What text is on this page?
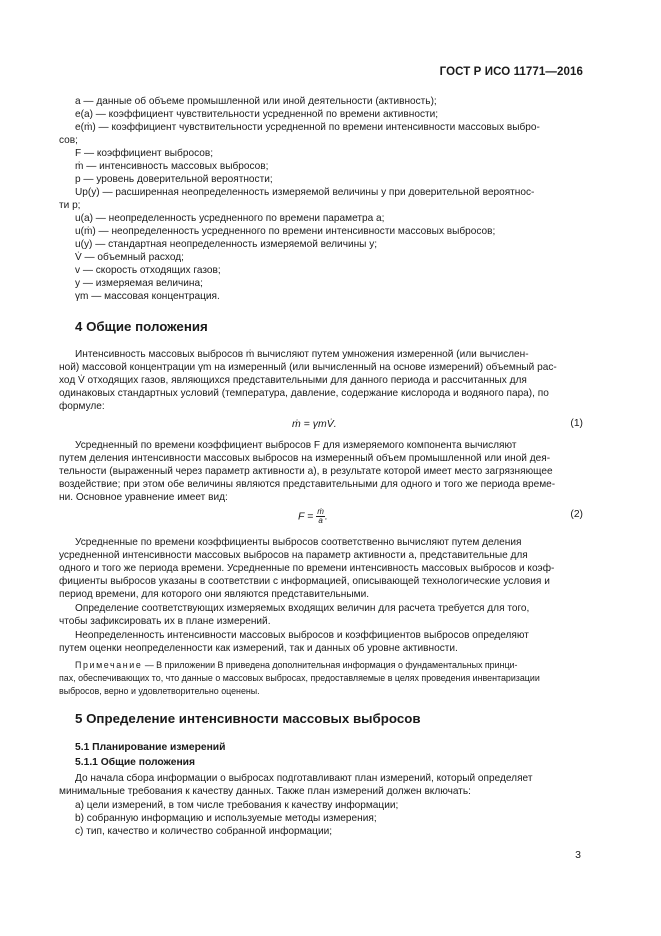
ГОСТ Р ИСО 11771—2016
a — данные об объеме промышленной или иной деятельности (активность);
e(a) — коэффициент чувствительности усредненной по времени активности;
e(ṁ) — коэффициент чувствительности усредненной по времени интенсивности массовых выбро-
сов;
F — коэффициент выбросов;
ṁ — интенсивность массовых выбросов;
p — уровень доверительной вероятности;
Up(y) — расширенная неопределенность измеряемой величины y при доверительной вероятнос-
ти p;
u(a) — неопределенность усредненного по времени параметра a;
u(ṁ) — неопределенность усредненного по времени интенсивности массовых выбросов;
u(y) — стандартная неопределенность измеряемой величины y;
V̇ — объемный расход;
v — скорость отходящих газов;
y — измеряемая величина;
γm — массовая концентрация.
4 Общие положения
Интенсивность массовых выбросов ṁ вычисляют путем умножения измеренной (или вычислен-
ной) массовой концентрации γm на измеренный (или вычисленный на основе измерений) объемный рас-
ход V̇ отходящих газов, являющихся представительными для данного периода и рассчитанных для
одинаковых стандартных условий (температура, давление, содержание кислорода и водяного пара), по
формуле:
ṁ = γmV̇.	(1)
Усредненный по времени коэффициент выбросов F для измеряемого компонента вычисляют
путем деления интенсивности массовых выбросов на измеренный объем промышленной или иной дея-
тельности (выраженный через параметр активности a), в результате которой имеет место загрязняющее
воздействие; при этом обе величины являются представительными для одного и того же периода време-
ни. Основное уравнение имеет вид:
$F = \frac{\text{ṁ}}{a}$ .	(2)
Усредненные по времени коэффициенты выбросов соответственно вычисляют путем деления
усредненной интенсивности массовых выбросов на параметр активности a, представительные для
одного и того же периода времени. Усредненные по времени интенсивность массовых выбросов и коэф-
фициенты выбросов указаны в соответствии с информацией, описывающей технологические условия и
период времени, для которого они являются представительными.
Определение соответствующих измеряемых входящих величин для расчета требуется для того,
чтобы зафиксировать их в плане измерений.
Неопределенность интенсивности массовых выбросов и коэффициентов выбросов определяют
путем оценки неопределенности как измерений, так и данных об уровне активности.
Примечание — В приложении В приведена дополнительная информация о фундаментальных принци-
пах, обеспечивающих то, что данные о массовых выбросах, предоставляемые в целях проведения инвентаризации
выбросов, верно и удовлетворительно оценены.
5 Определение интенсивности массовых выбросов
5.1 Планирование измерений
5.1.1 Общие положения
До начала сбора информации о выбросах подготавливают план измерений, который определяет
минимальные требования к качеству данных. Также план измерений должен включать:
a) цели измерений, в том числе требования к качеству информации;
b) собранную информацию и используемые методы измерения;
c) тип, качество и количество собранной информации;
3
